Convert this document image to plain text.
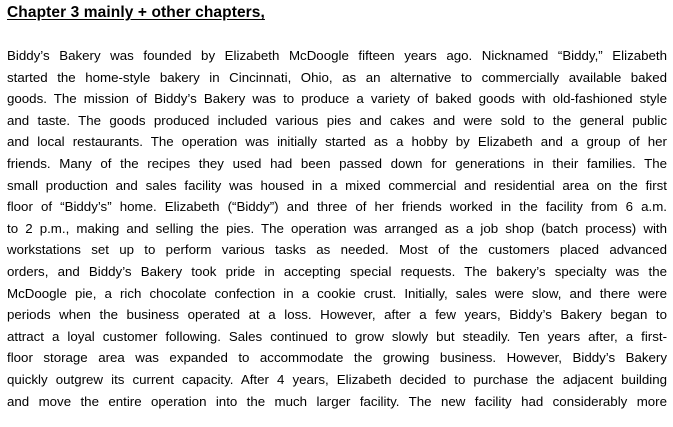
Chapter 3 mainly + other chapters,
Biddy’s Bakery was founded by Elizabeth McDoogle fifteen years ago. Nicknamed “Biddy,” Elizabeth
started the home-style bakery in Cincinnati, Ohio, as an alternative to commercially available baked
goods. The mission of Biddy’s Bakery was to produce a variety of baked goods with old-fashioned style
and taste. The goods produced included various pies and cakes and were sold to the general public
and local restaurants. The operation was initially started as a hobby by Elizabeth and a group of her
friends. Many of the recipes they used had been passed down for generations in their families. The
small production and sales facility was housed in a mixed commercial and residential area on the first
floor of “Biddy’s” home. Elizabeth (“Biddy”) and three of her friends worked in the facility from 6 a.m.
to 2 p.m., making and selling the pies. The operation was arranged as a job shop (batch process) with
workstations set up to perform various tasks as needed. Most of the customers placed advanced
orders, and Biddy’s Bakery took pride in accepting special requests. The bakery’s specialty was the
McDoogle pie, a rich chocolate confection in a cookie crust. Initially, sales were slow, and there were
periods when the business operated at a loss. However, after a few years, Biddy’s Bakery began to
attract a loyal customer following. Sales continued to grow slowly but steadily. Ten years after, a first-
floor storage area was expanded to accommodate the growing business. However, Biddy’s Bakery
quickly outgrew its current capacity. After 4 years, Elizabeth decided to purchase the adjacent building
and move the entire operation into the much larger facility. The new facility had considerably more
